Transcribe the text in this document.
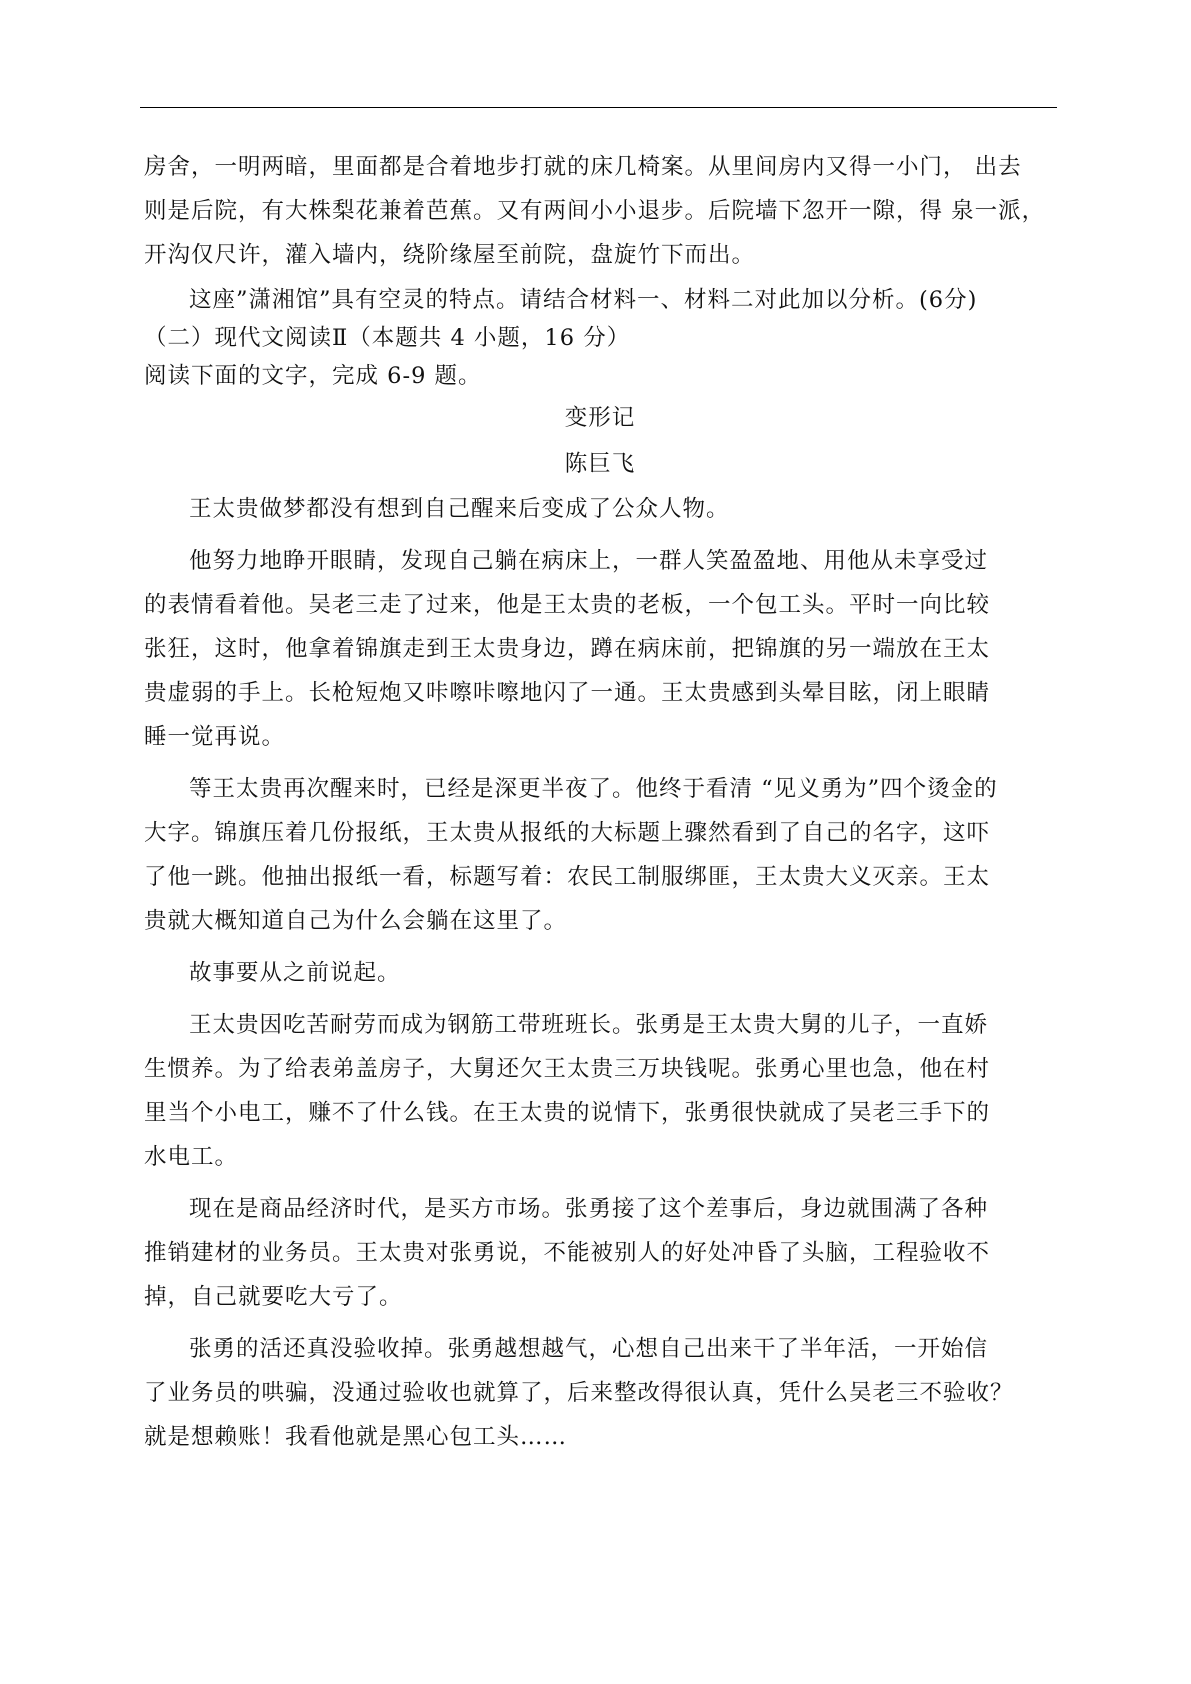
房舍，一明两暗，里面都是合着地步打就的床几椅案。从里间房内又得一小门， 出去

则是后院，有大株梨花兼着芭蕉。又有两间小小退步。后院墙下忽开一隙，得 泉一派，

开沟仅尺许，灌入墙内，绕阶缘屋至前院，盘旋竹下而出。

这座”潇湘馆”具有空灵的特点。请结合材料一、材料二对此加以分析。(6分)

（二）现代文阅读Ⅱ（本题共 4 小题，16 分）

阅读下面的文字，完成 6-9 题。

变形记

陈巨飞

王太贵做梦都没有想到自己醒来后变成了公众人物。

他努力地睁开眼睛，发现自己躺在病床上，一群人笑盈盈地、用他从未享受过

的表情看着他。吴老三走了过来，他是王太贵的老板，一个包工头。平时一向比较

张狂，这时，他拿着锦旗走到王太贵身边，蹲在病床前，把锦旗的另一端放在王太

贵虚弱的手上。长枪短炮又咔嚓咔嚓地闪了一通。王太贵感到头晕目眩，闭上眼睛

睡一觉再说。

等王太贵再次醒来时，已经是深更半夜了。他终于看清 “见义勇为”四个烫金的

大字。锦旗压着几份报纸，王太贵从报纸的大标题上骤然看到了自己的名字，这吓

了他一跳。他抽出报纸一看，标题写着：农民工制服绑匪，王太贵大义灭亲。王太

贵就大概知道自己为什么会躺在这里了。

故事要从之前说起。

王太贵因吃苦耐劳而成为钢筋工带班班长。张勇是王太贵大舅的儿子，一直娇

生惯养。为了给表弟盖房子，大舅还欠王太贵三万块钱呢。张勇心里也急，他在村

里当个小电工，赚不了什么钱。在王太贵的说情下，张勇很快就成了吴老三手下的

水电工。

现在是商品经济时代，是买方市场。张勇接了这个差事后，身边就围满了各种

推销建材的业务员。王太贵对张勇说，不能被别人的好处冲昏了头脑，工程验收不

掉，自己就要吃大亏了。

张勇的活还真没验收掉。张勇越想越气，心想自己出来干了半年活，一开始信

了业务员的哄骗，没通过验收也就算了，后来整改得很认真，凭什么吴老三不验收？

就是想赖账！我看他就是黑心包工头……
